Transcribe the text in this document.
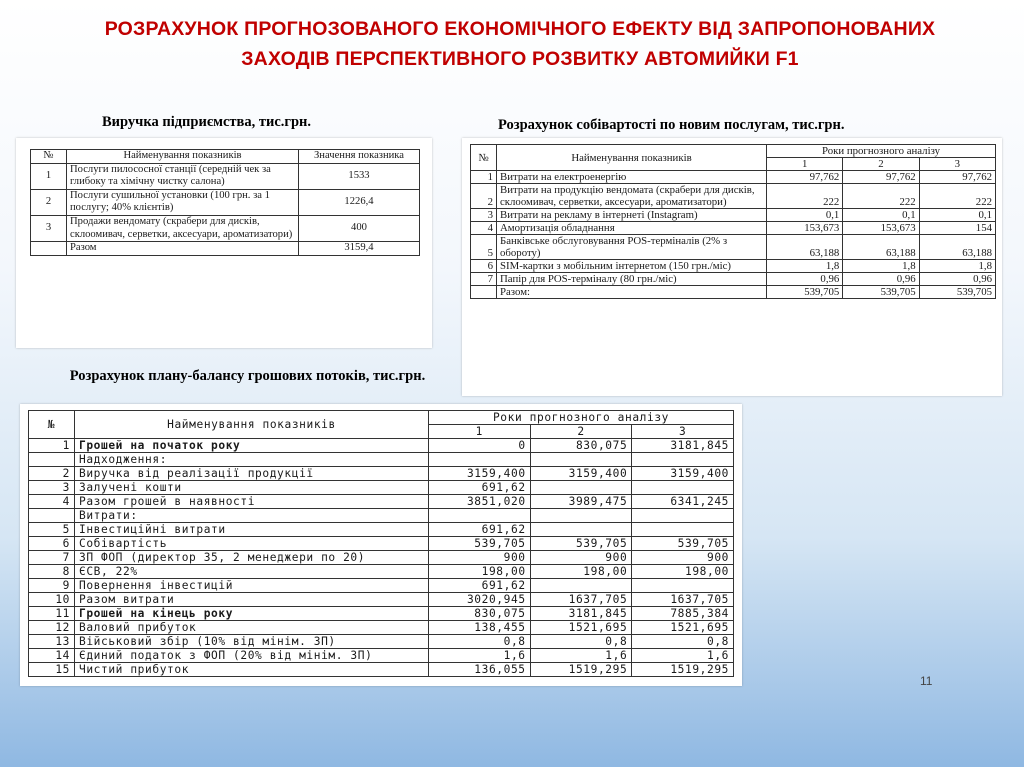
РОЗРАХУНОК ПРОГНОЗОВАНОГО ЕКОНОМІЧНОГО ЕФЕКТУ ВІД ЗАПРОПОНОВАНИХ ЗАХОДІВ ПЕРСПЕКТИВНОГО РОЗВИТКУ АВТОМИЙКИ F1
Виручка підприємства, тис.грн.	Розрахунок собівартості по новим послугам, тис.грн.
Розрахунок плану-балансу грошових потоків, тис.грн.
№	Найменування показників	Значення показника
1	Послуги пилососної станції (середній чек за глибоку та хімічну чистку салона)	1533
2	Послуги сушильної установки (100 грн. за 1 послугу; 40% клієнтів)	1226,4
3	Продажи вендомату (скрабери для дисків, склоомивач, серветки, аксесуари, ароматизатори)	400
	Разом	3159,4
№	Найменування показників	Роки прогнозного аналізу		
		1	2	3
1	Витрати на електроенергію	97,762	97,762	97,762
2	Витрати на продукцію вендомата (скрабери для дисків, склоомивач, серветки, аксесуари, ароматизатори)	222	222	222
3	Витрати на рекламу в інтернеті (Instagram)	0,1	0,1	0,1
4	Амортизація обладнання	153,673	153,673	154
5	Банківське обслуговування POS-терміналів (2% з обороту)	63,188	63,188	63,188
6	SIM-картки з мобільним інтернетом (150 грн./міс)	1,8	1,8	1,8
7	Папір для POS-терміналу (80 грн./міс)	0,96	0,96	0,96
	Разом:	539,705	539,705	539,705
№	Найменування показників	Роки прогнозного аналізу		
		1	2	3
1	Грошей на початок року	0	830,075	3181,845
	Надходження:			
2	Виручка від реалізації продукції	3159,400	3159,400	3159,400
3	Залучені кошти	691,62		
4	Разом грошей в наявності	3851,020	3989,475	6341,245
	Витрати:			
5	Інвестиційні витрати	691,62		
6	Собівартість	539,705	539,705	539,705
7	ЗП ФОП (директор 35, 2 менеджери по 20)	900	900	900
8	ЄСВ, 22%	198,00	198,00	198,00
9	Повернення інвестицій	691,62		
10	Разом витрати	3020,945	1637,705	1637,705
11	Грошей на кінець року	830,075	3181,845	7885,384
12	Валовий прибуток	138,455	1521,695	1521,695
13	Військовий збір (10% від мінім. ЗП)	0,8	0,8	0,8
14	Єдиний податок з ФОП (20% від мінім. ЗП)	1,6	1,6	1,6
15	Чистий прибуток	136,055	1519,295	1519,295
11
